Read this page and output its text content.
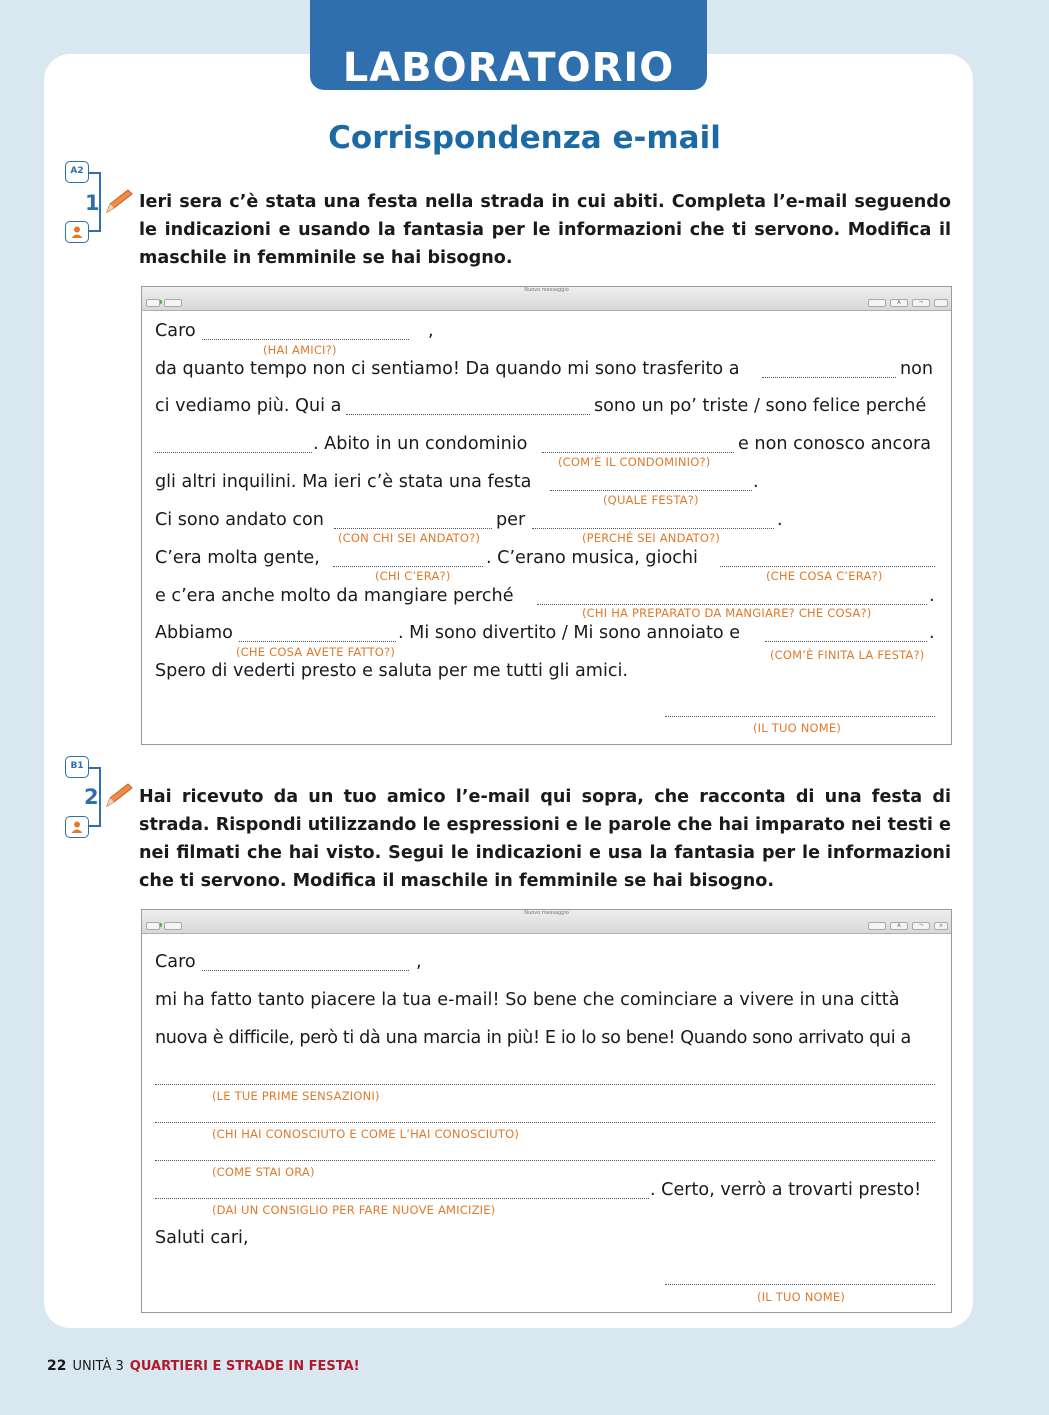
LABORATORIO
Corrispondenza e-mail
A2
1 Ieri sera c’è stata una festa nella strada in cui abiti. Completa l’e-mail seguendo le indicazioni e usando la fantasia per le informazioni che ti servono. Modifica il maschile in femminile se hai bisogno.
Nuovo messaggio
A	¬
Caro	,
(HAI AMICI?)
da quanto tempo non ci sentiamo! Da quando mi sono trasferito a	non
ci vediamo più. Qui a	sono un po’ triste / sono felice perché
. Abito in un condominio	e non conosco ancora
(COM’È IL CONDOMINIO?)
gli altri inquilini. Ma ieri c’è stata una festa	.
(QUALE FESTA?)
Ci sono andato con	per	.
(CON CHI SEI ANDATO?)	(PERCHÉ SEI ANDATO?)
C’era molta gente,	. C’erano musica, giochi
(CHI C’ERA?)	(CHE COSA C’ERA?)
e c’era anche molto da mangiare perché	.
(CHI HA PREPARATO DA MANGIARE? CHE COSA?)
Abbiamo	. Mi sono divertito / Mi sono annoiato e	.
(CHE COSA AVETE FATTO?)	(COM’È FINITA LA FESTA?)
Spero di vederti presto e saluta per me tutti gli amici.
(IL TUO NOME)
B1
2 Hai ricevuto da un tuo amico l’e-mail qui sopra, che racconta di una festa di strada. Rispondi utilizzando le espressioni e le parole che hai imparato nei testi e nei filmati che hai visto. Segui le indicazioni e usa la fantasia per le informazioni che ti servono. Modifica il maschile in femminile se hai bisogno.
Nuovo messaggio
A	¬	×
Caro	,
mi ha fatto tanto piacere la tua e-mail! So bene che cominciare a vivere in una città
nuova è difficile, però ti dà una marcia in più! E io lo so bene! Quando sono arrivato qui a
(LE TUE PRIME SENSAZIONI)
(CHI HAI CONOSCIUTO E COME L’HAI CONOSCIUTO)
(COME STAI ORA)
. Certo, verrò a trovarti presto!
(DAI UN CONSIGLIO PER FARE NUOVE AMICIZIE)
Saluti cari,
(IL TUO NOME)
22 UNITÀ 3 QUARTIERI E STRADE IN FESTA!
